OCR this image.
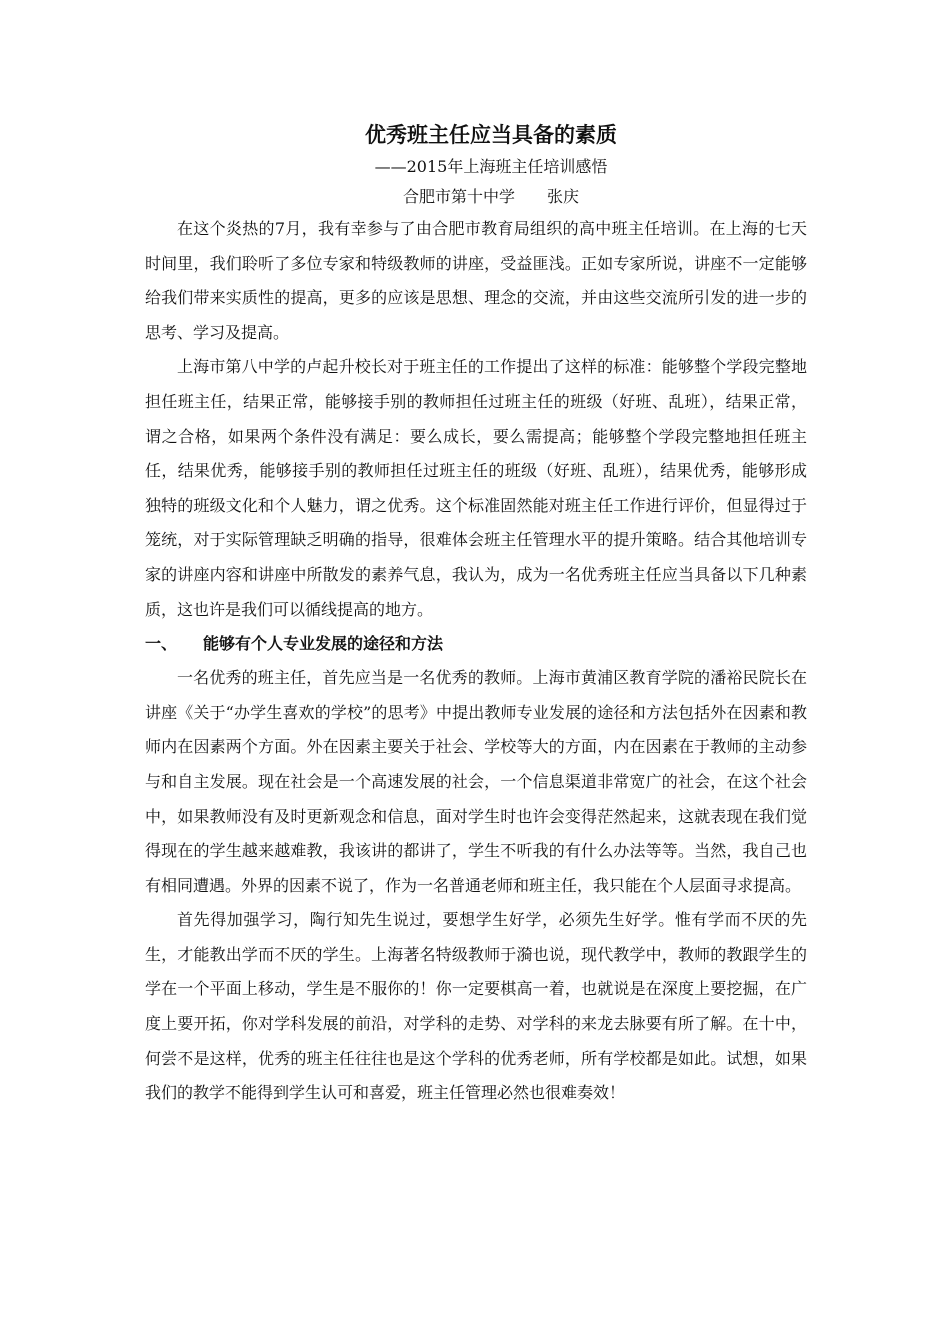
优秀班主任应当具备的素质

——2015年上海班主任培训感悟

合肥市第十中学　　张庆

在这个炎热的7月，我有幸参与了由合肥市教育局组织的高中班主任培训。在上海的七天时间里，我们聆听了多位专家和特级教师的讲座，受益匪浅。正如专家所说，讲座不一定能够给我们带来实质性的提高，更多的应该是思想、理念的交流，并由这些交流所引发的进一步的思考、学习及提高。

上海市第八中学的卢起升校长对于班主任的工作提出了这样的标准：能够整个学段完整地担任班主任，结果正常，能够接手别的教师担任过班主任的班级（好班、乱班），结果正常，谓之合格，如果两个条件没有满足：要么成长，要么需提高；能够整个学段完整地担任班主任，结果优秀，能够接手别的教师担任过班主任的班级（好班、乱班），结果优秀，能够形成独特的班级文化和个人魅力，谓之优秀。这个标准固然能对班主任工作进行评价，但显得过于笼统，对于实际管理缺乏明确的指导，很难体会班主任管理水平的提升策略。结合其他培训专家的讲座内容和讲座中所散发的素养气息，我认为，成为一名优秀班主任应当具备以下几种素质，这也许是我们可以循线提高的地方。

一、	能够有个人专业发展的途径和方法

一名优秀的班主任，首先应当是一名优秀的教师。上海市黄浦区教育学院的潘裕民院长在讲座《关于“办学生喜欢的学校”的思考》中提出教师专业发展的途径和方法包括外在因素和教师内在因素两个方面。外在因素主要关于社会、学校等大的方面，内在因素在于教师的主动参与和自主发展。现在社会是一个高速发展的社会，一个信息渠道非常宽广的社会，在这个社会中，如果教师没有及时更新观念和信息，面对学生时也许会变得茫然起来，这就表现在我们觉得现在的学生越来越难教，我该讲的都讲了，学生不听我的有什么办法等等。当然，我自己也有相同遭遇。外界的因素不说了，作为一名普通老师和班主任，我只能在个人层面寻求提高。

首先得加强学习，陶行知先生说过，要想学生好学，必须先生好学。惟有学而不厌的先生，才能教出学而不厌的学生。上海著名特级教师于漪也说，现代教学中，教师的教跟学生的学在一个平面上移动，学生是不服你的！你一定要棋高一着，也就说是在深度上要挖掘，在广度上要开拓，你对学科发展的前沿，对学科的走势、对学科的来龙去脉要有所了解。在十中，何尝不是这样，优秀的班主任往往也是这个学科的优秀老师，所有学校都是如此。试想，如果我们的教学不能得到学生认可和喜爱，班主任管理必然也很难奏效！
